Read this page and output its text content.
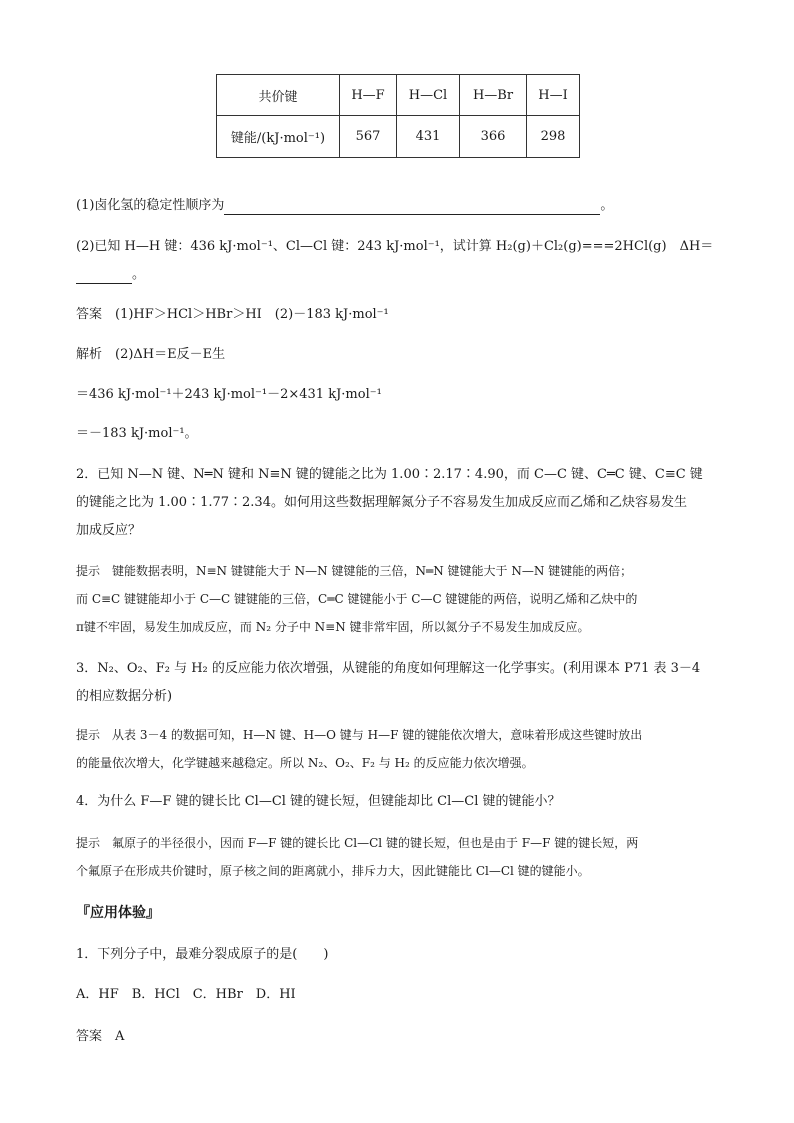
共价键	H—F	H—Cl	H—Br	H—I
键能/(kJ·mol⁻¹)	567	431	366	298
(1)卤化氢的稳定性顺序为	。
(2)已知 H—H 键：436 kJ·mol⁻¹、Cl—Cl 键：243 kJ·mol⁻¹，试计算 H₂(g)＋Cl₂(g)===2HCl(g)　ΔH＝
。
答案　(1)HF＞HCl＞HBr＞HI　(2)－183 kJ·mol⁻¹
解析　(2)ΔH＝E反－E生
＝436 kJ·mol⁻¹＋243 kJ·mol⁻¹－2×431 kJ·mol⁻¹
＝－183 kJ·mol⁻¹。
2．已知 N—N 键、N═N 键和 N≡N 键的键能之比为 1.00∶2.17∶4.90，而 C—C 键、C═C 键、C≡C 键
的键能之比为 1.00∶1.77∶2.34。如何用这些数据理解氮分子不容易发生加成反应而乙烯和乙炔容易发生
加成反应？
提示　键能数据表明，N≡N 键键能大于 N—N 键键能的三倍，N═N 键键能大于 N—N 键键能的两倍；
而 C≡C 键键能却小于 C—C 键键能的三倍，C═C 键键能小于 C—C 键键能的两倍，说明乙烯和乙炔中的
π键不牢固，易发生加成反应，而 N₂ 分子中 N≡N 键非常牢固，所以氮分子不易发生加成反应。
3．N₂、O₂、F₂ 与 H₂ 的反应能力依次增强，从键能的角度如何理解这一化学事实。(利用课本 P71 表 3－4
的相应数据分析)
提示　从表 3－4 的数据可知，H—N 键、H—O 键与 H—F 键的键能依次增大，意味着形成这些键时放出
的能量依次增大，化学键越来越稳定。所以 N₂、O₂、F₂ 与 H₂ 的反应能力依次增强。
4．为什么 F—F 键的键长比 Cl—Cl 键的键长短，但键能却比 Cl—Cl 键的键能小？
提示　氟原子的半径很小，因而 F—F 键的键长比 Cl—Cl 键的键长短，但也是由于 F—F 键的键长短，两
个氟原子在形成共价键时，原子核之间的距离就小，排斥力大，因此键能比 Cl—Cl 键的键能小。
『应用体验』
1．下列分子中，最难分裂成原子的是(　　)
A．HF　B．HCl　C．HBr　D．HI
答案　A
